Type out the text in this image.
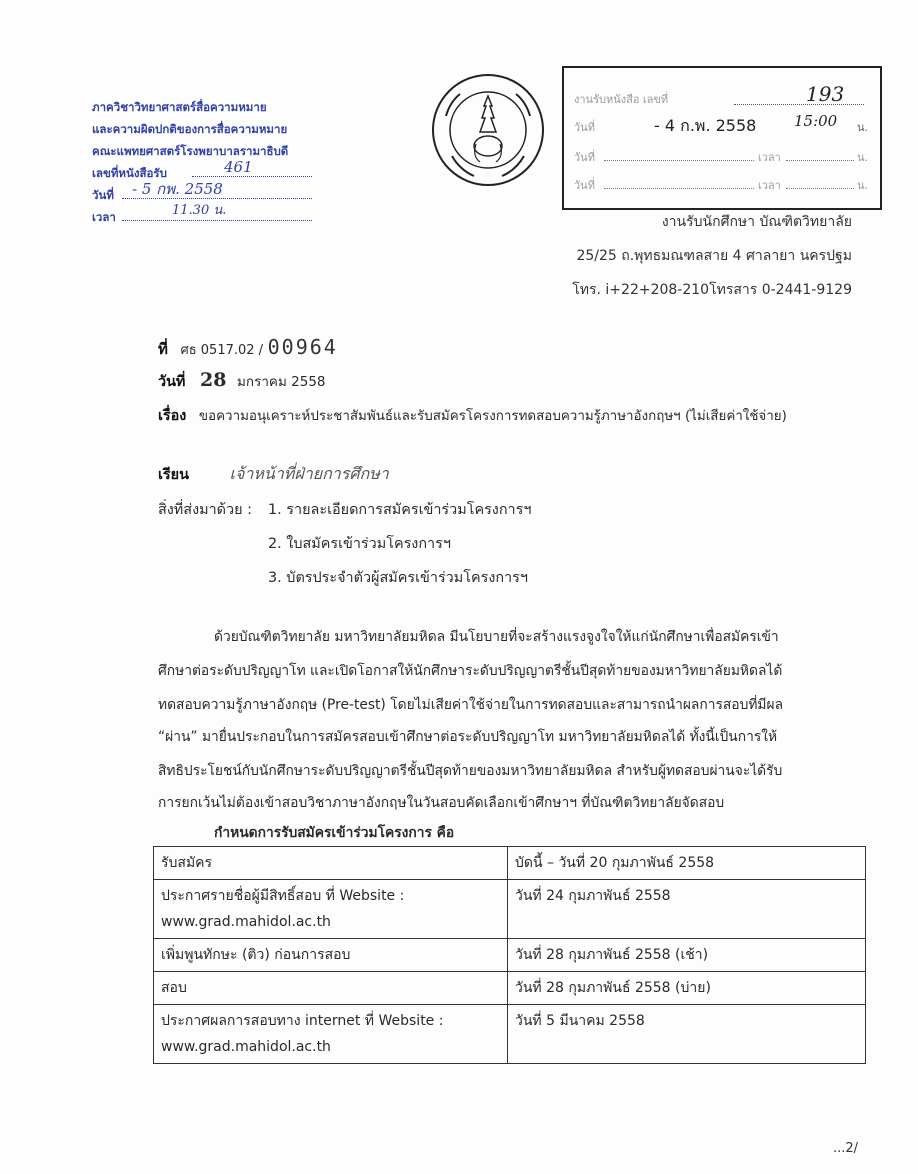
ภาควิชาวิทยาศาสตร์สื่อความหมาย
และความผิดปกติของการสื่อความหมาย
คณะแพทยศาสตร์โรงพยาบาลรามาธิบดี
เลขที่หนังสือรับ	461
วันที่ - 5 กพ. 2558
เวลา	11.30 น.
งานรับหนังสือ เลขที่	193
วันที่	- 4 ก.พ. 2558	15:00 น.
วันที่	เวลา	น.
วันที่	เวลา	น.
งานรับนักศึกษา บัณฑิตวิทยาลัย
25/25 ถ.พุทธมณฑลสาย 4 ศาลายา นครปฐม
โทร. i+22+208-210โทรสาร 0-2441-9129
ที่ ศธ 0517.02 / 00964
วันที่ 28 มกราคม 2558
เรื่อง ขอความอนุเคราะห์ประชาสัมพันธ์และรับสมัครโครงการทดสอบความรู้ภาษาอังกฤษฯ (ไม่เสียค่าใช้จ่าย)
เรียน	เจ้าหน้าที่ฝ่ายการศึกษา
สิ่งที่ส่งมาด้วย : 1. รายละเอียดการสมัครเข้าร่วมโครงการฯ
2. ใบสมัครเข้าร่วมโครงการฯ
3. บัตรประจำตัวผู้สมัครเข้าร่วมโครงการฯ
ด้วยบัณฑิตวิทยาลัย มหาวิทยาลัยมหิดล มีนโยบายที่จะสร้างแรงจูงใจให้แก่นักศึกษาเพื่อสมัครเข้า
ศึกษาต่อระดับปริญญาโท และเปิดโอกาสให้นักศึกษาระดับปริญญาตรีชั้นปีสุดท้ายของมหาวิทยาลัยมหิดลได้
ทดสอบความรู้ภาษาอังกฤษ (Pre-test) โดยไม่เสียค่าใช้จ่ายในการทดสอบและสามารถนำผลการสอบที่มีผล
“ผ่าน” มายื่นประกอบในการสมัครสอบเข้าศึกษาต่อระดับปริญญาโท มหาวิทยาลัยมหิดลได้ ทั้งนี้เป็นการให้
สิทธิประโยชน์กับนักศึกษาระดับปริญญาตรีชั้นปีสุดท้ายของมหาวิทยาลัยมหิดล สำหรับผู้ทดสอบผ่านจะได้รับ
การยกเว้นไม่ต้องเข้าสอบวิชาภาษาอังกฤษในวันสอบคัดเลือกเข้าศึกษาฯ ที่บัณฑิตวิทยาลัยจัดสอบ
กำหนดการรับสมัครเข้าร่วมโครงการ คือ
รับสมัคร	บัดนี้ – วันที่ 20 กุมภาพันธ์ 2558

ประกาศรายชื่อผู้มีสิทธิ์สอบ ที่ Website :
www.grad.mahidol.ac.th	วันที่ 24 กุมภาพันธ์ 2558
เพิ่มพูนทักษะ (ติว) ก่อนการสอบ	วันที่ 28 กุมภาพันธ์ 2558 (เช้า)
สอบ	วันที่ 28 กุมภาพันธ์ 2558 (บ่าย)

ประกาศผลการสอบทาง internet ที่ Website :
www.grad.mahidol.ac.th	วันที่ 5 มีนาคม 2558
...2/
